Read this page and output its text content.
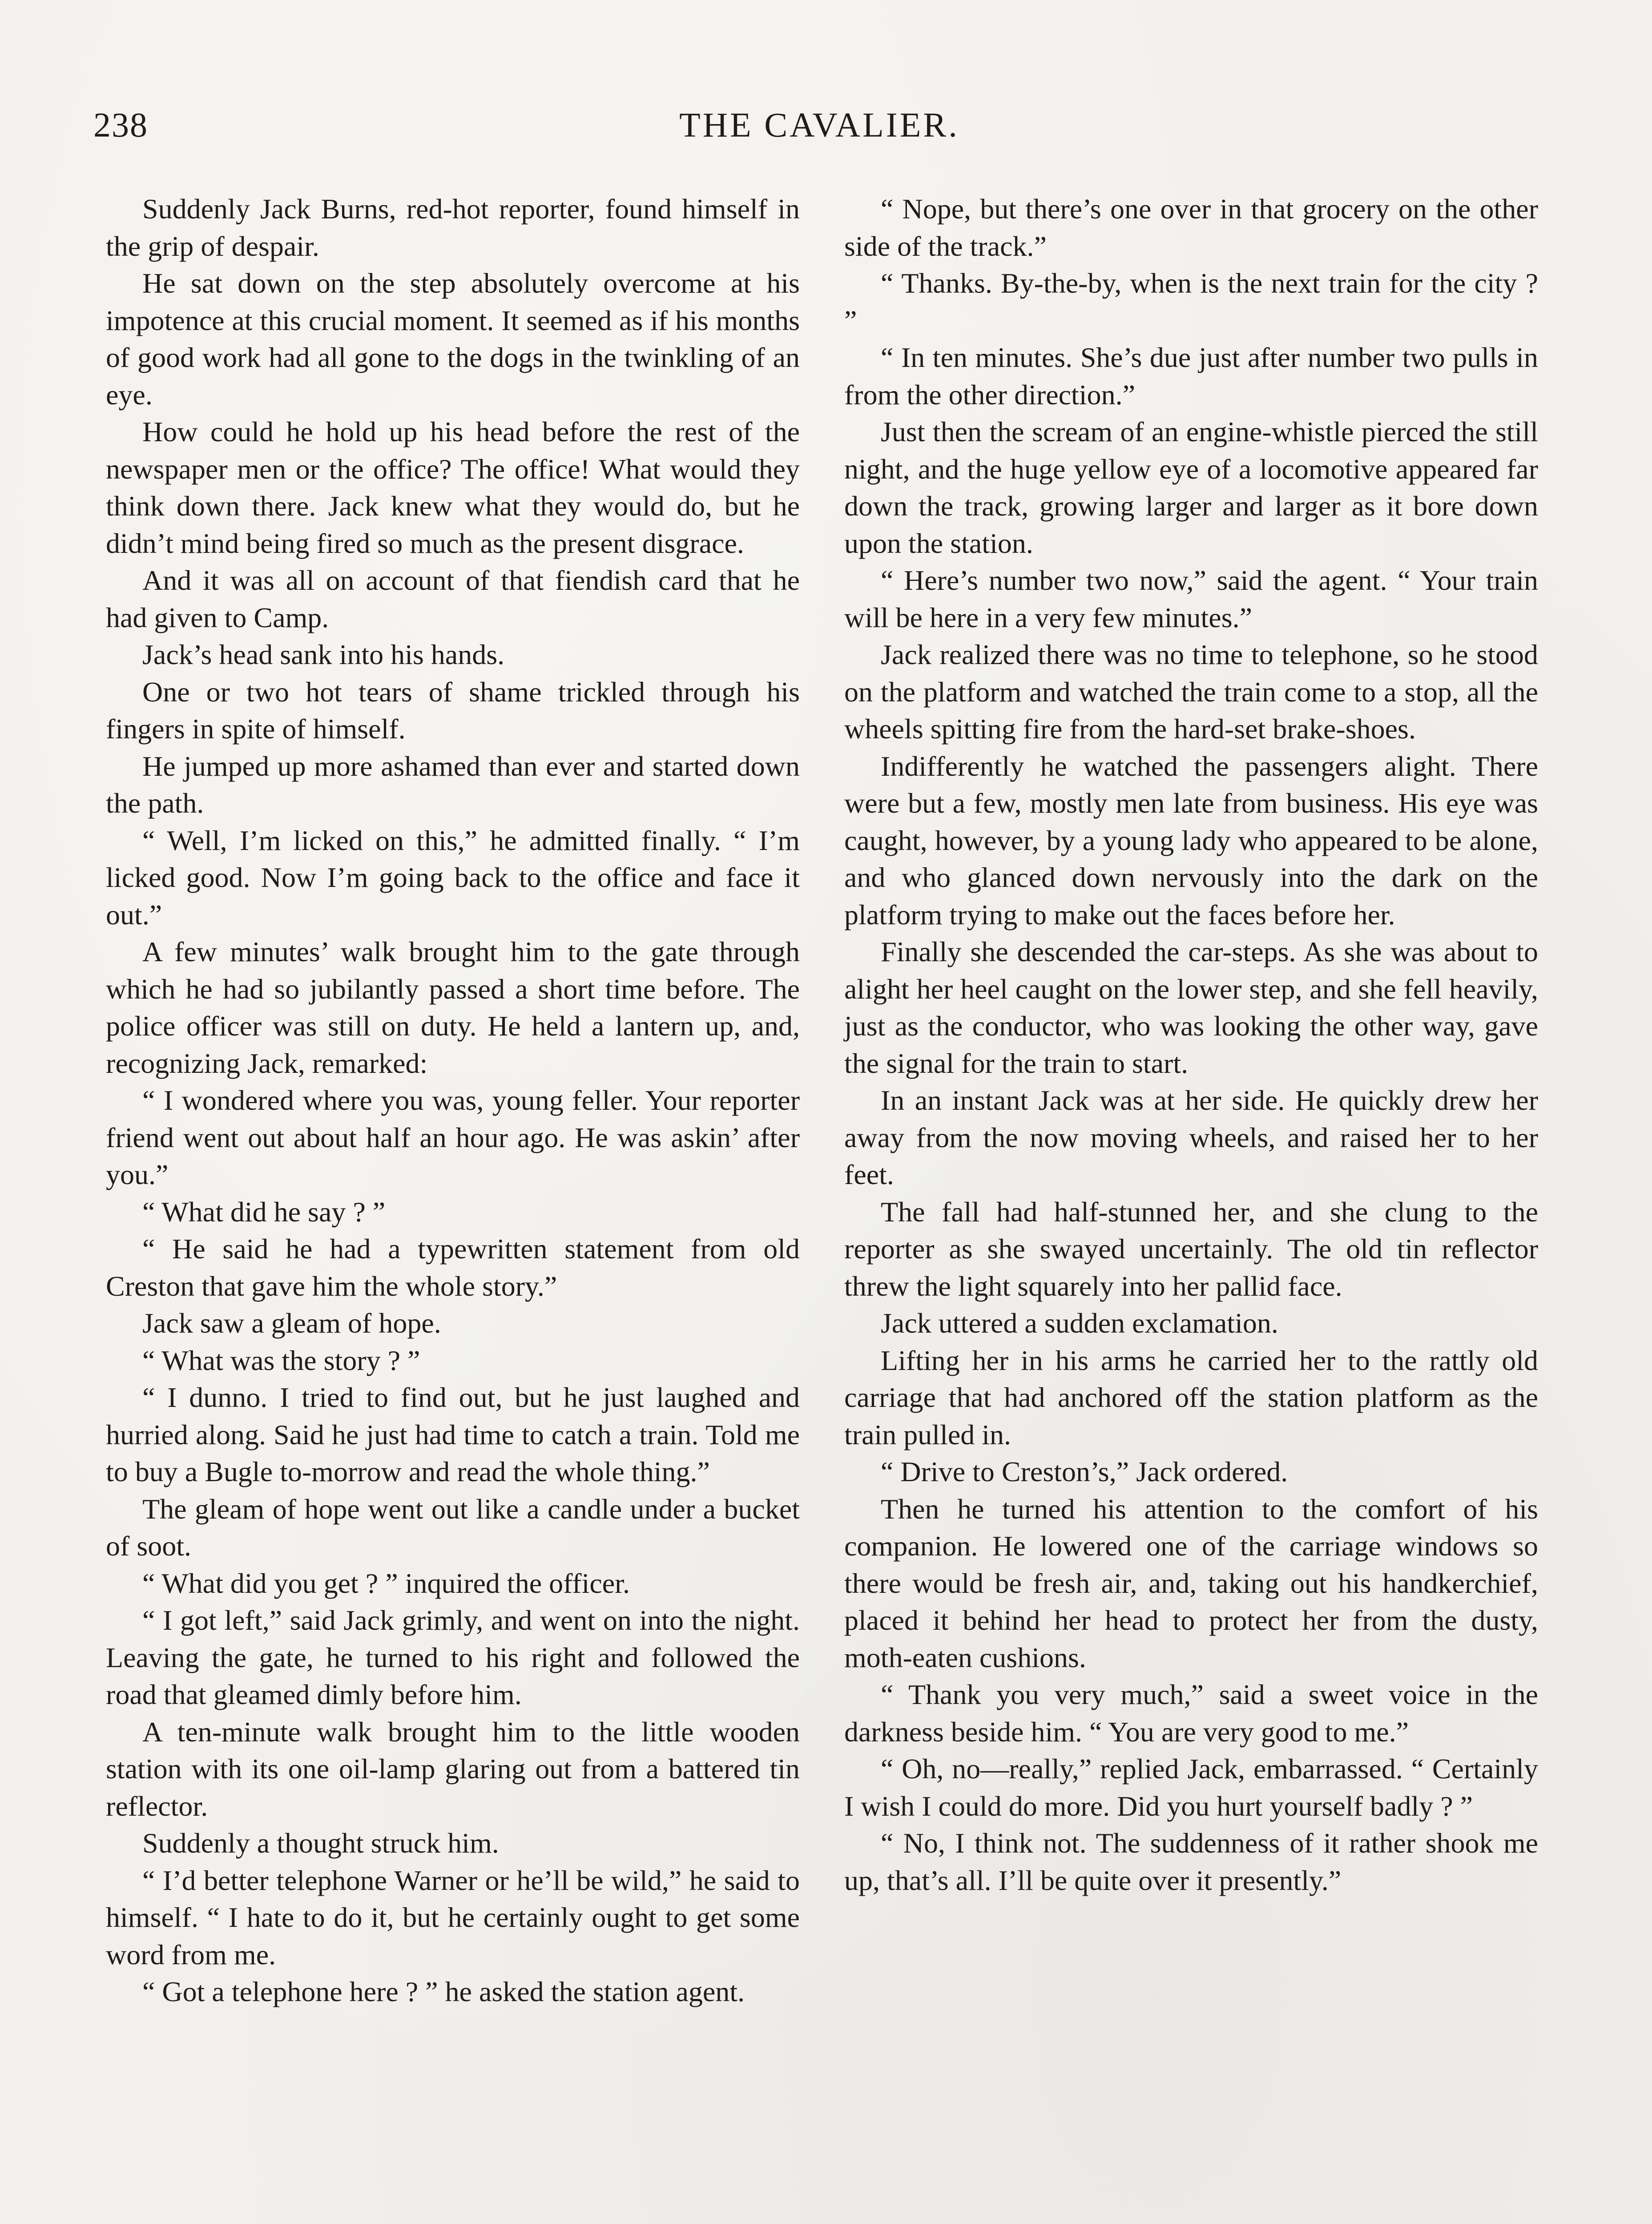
THE CAVALIER.
238

Suddenly Jack Burns, red-hot reporter, found himself in the grip of despair.

He sat down on the step absolutely overcome at his impotence at this crucial moment. It seemed as if his months of good work had all gone to the dogs in the twinkling of an eye.

How could he hold up his head before the rest of the newspaper men or the office? The office! What would they think down there. Jack knew what they would do, but he didn’t mind being fired so much as the present disgrace.

And it was all on account of that fiendish card that he had given to Camp.

Jack’s head sank into his hands.

One or two hot tears of shame trickled through his fingers in spite of himself.

He jumped up more ashamed than ever and started down the path.

“ Well, I’m licked on this,” he admitted finally. “ I’m licked good. Now I’m going back to the office and face it out.”

A few minutes’ walk brought him to the gate through which he had so jubilantly passed a short time before. The police officer was still on duty. He held a lantern up, and, recognizing Jack, remarked:

“ I wondered where you was, young feller. Your reporter friend went out about half an hour ago. He was askin’ after you.”

“ What did he say ? ”

“ He said he had a typewritten statement from old Creston that gave him the whole story.”

Jack saw a gleam of hope.

“ What was the story ? ”

“ I dunno. I tried to find out, but he just laughed and hurried along. Said he just had time to catch a train. Told me to buy a Bugle to-morrow and read the whole thing.”

The gleam of hope went out like a candle under a bucket of soot.

“ What did you get ? ” inquired the officer.

“ I got left,” said Jack grimly, and went on into the night. Leaving the gate, he turned to his right and followed the road that gleamed dimly before him.

A ten-minute walk brought him to the little wooden station with its one oil-lamp glaring out from a battered tin reflector.

Suddenly a thought struck him.

“ I’d better telephone Warner or he’ll be wild,” he said to himself. “ I hate to do it, but he certainly ought to get some word from me.

“ Got a telephone here ? ” he asked the station agent.

“ Nope, but there’s one over in that grocery on the other side of the track.”

“ Thanks. By-the-by, when is the next train for the city ? ”

“ In ten minutes. She’s due just after number two pulls in from the other direction.”

Just then the scream of an engine-whistle pierced the still night, and the huge yellow eye of a locomotive appeared far down the track, growing larger and larger as it bore down upon the station.

“ Here’s number two now,” said the agent. “ Your train will be here in a very few minutes.”

Jack realized there was no time to telephone, so he stood on the platform and watched the train come to a stop, all the wheels spitting fire from the hard-set brake-shoes.

Indifferently he watched the passengers alight. There were but a few, mostly men late from business. His eye was caught, however, by a young lady who appeared to be alone, and who glanced down nervously into the dark on the platform trying to make out the faces before her.

Finally she descended the car-steps. As she was about to alight her heel caught on the lower step, and she fell heavily, just as the conductor, who was looking the other way, gave the signal for the train to start.

In an instant Jack was at her side. He quickly drew her away from the now moving wheels, and raised her to her feet.

The fall had half-stunned her, and she clung to the reporter as she swayed uncertainly. The old tin reflector threw the light squarely into her pallid face.

Jack uttered a sudden exclamation.

Lifting her in his arms he carried her to the rattly old carriage that had anchored off the station platform as the train pulled in.

“ Drive to Creston’s,” Jack ordered.

Then he turned his attention to the comfort of his companion. He lowered one of the carriage windows so there would be fresh air, and, taking out his handkerchief, placed it behind her head to protect her from the dusty, moth-eaten cushions.

“ Thank you very much,” said a sweet voice in the darkness beside him. “ You are very good to me.”

“ Oh, no—really,” replied Jack, embarrassed. “ Certainly I wish I could do more. Did you hurt yourself badly ? ”

“ No, I think not. The suddenness of it rather shook me up, that’s all. I’ll be quite over it presently.”
